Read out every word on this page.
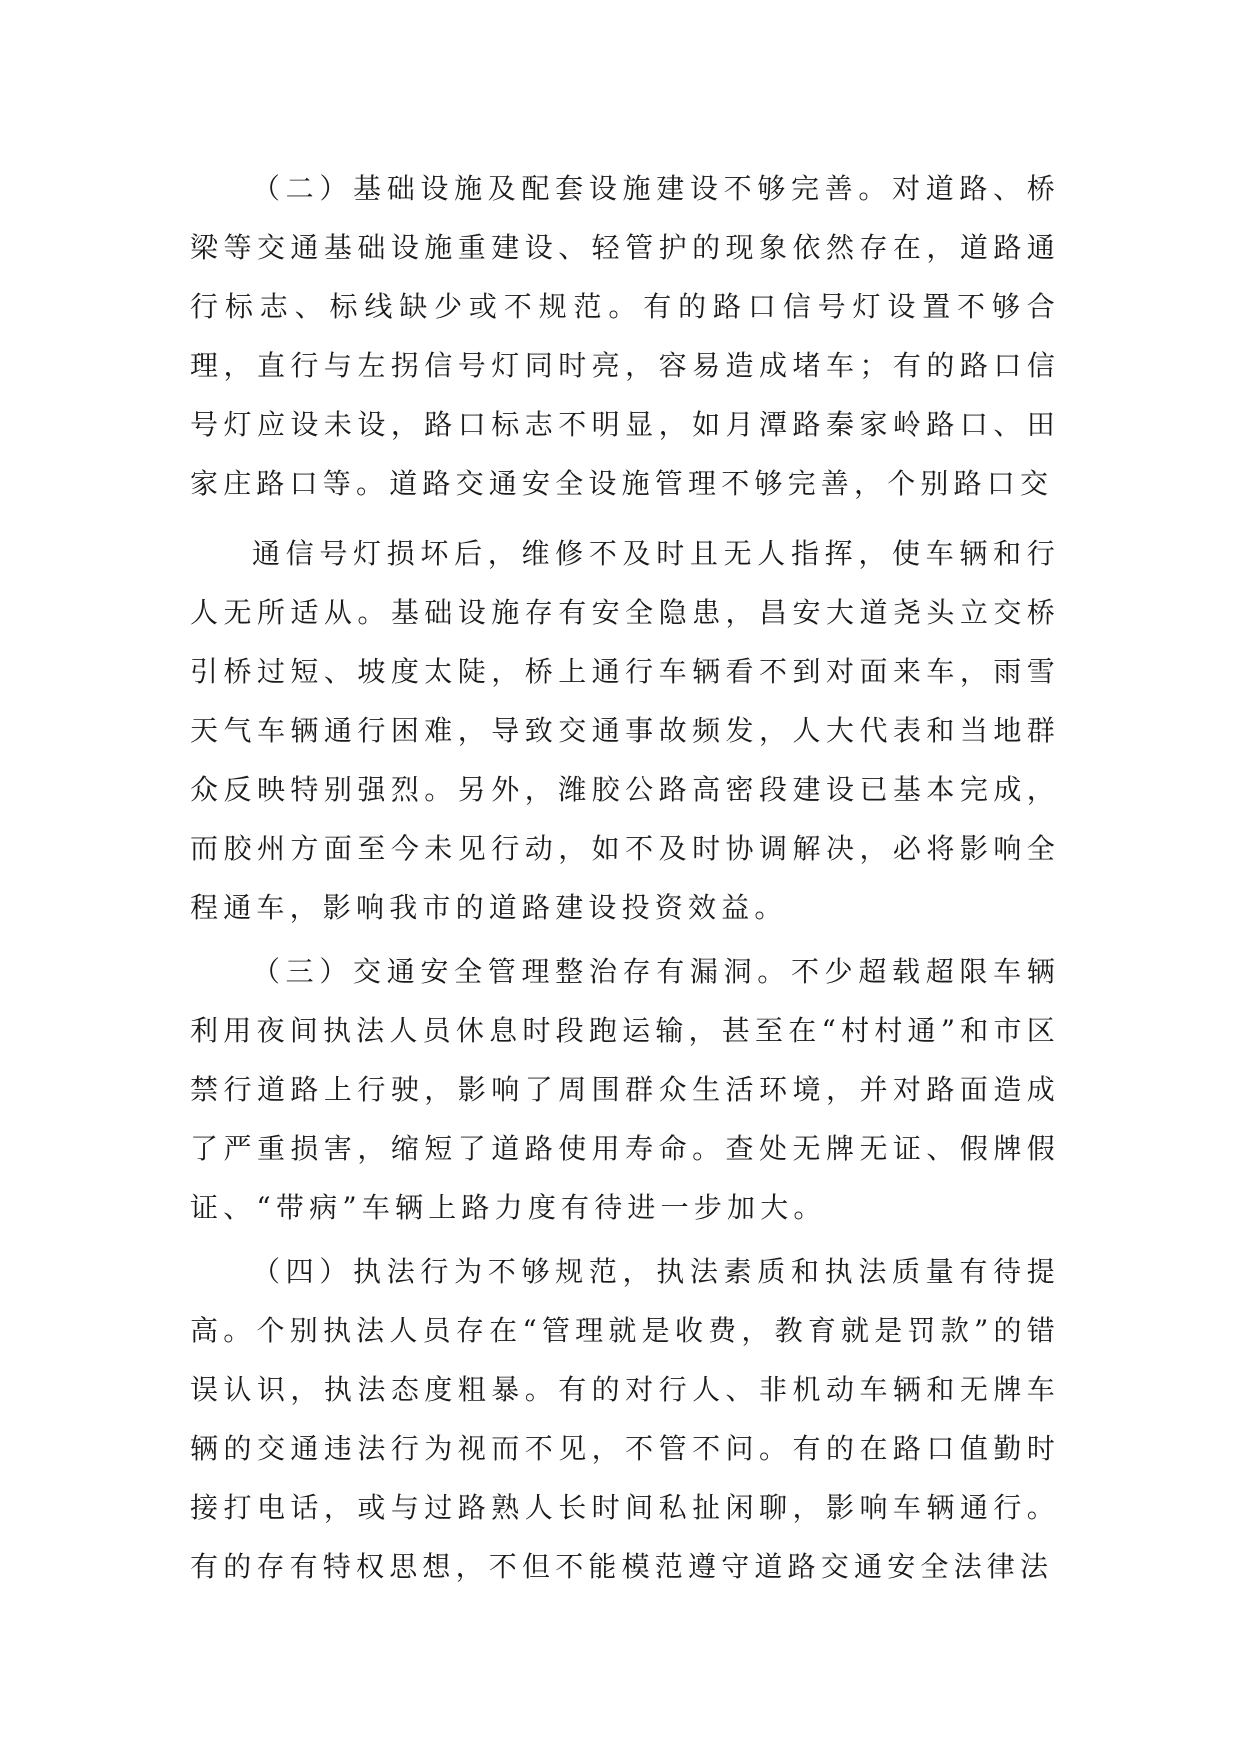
（二）基础设施及配套设施建设不够完善。对道路、桥梁等交通基础设施重建设、轻管护的现象依然存在，道路通行标志、标线缺少或不规范。有的路口信号灯设置不够合理，直行与左拐信号灯同时亮，容易造成堵车；有的路口信号灯应设未设，路口标志不明显，如月潭路秦家岭路口、田家庄路口等。道路交通安全设施管理不够完善，个别路口交

通信号灯损坏后，维修不及时且无人指挥，使车辆和行人无所适从。基础设施存有安全隐患，昌安大道尧头立交桥引桥过短、坡度太陡，桥上通行车辆看不到对面来车，雨雪天气车辆通行困难，导致交通事故频发，人大代表和当地群众反映特别强烈。另外，潍胶公路高密段建设已基本完成，而胶州方面至今未见行动，如不及时协调解决，必将影响全程通车，影响我市的道路建设投资效益。

（三）交通安全管理整治存有漏洞。不少超载超限车辆利用夜间执法人员休息时段跑运输，甚至在“村村通”和市区禁行道路上行驶，影响了周围群众生活环境，并对路面造成了严重损害，缩短了道路使用寿命。查处无牌无证、假牌假证、“带病”车辆上路力度有待进一步加大。

（四）执法行为不够规范，执法素质和执法质量有待提高。个别执法人员存在“管理就是收费，教育就是罚款”的错误认识，执法态度粗暴。有的对行人、非机动车辆和无牌车辆的交通违法行为视而不见，不管不问。有的在路口值勤时接打电话，或与过路熟人长时间私扯闲聊，影响车辆通行。有的存有特权思想，不但不能模范遵守道路交通安全法律法
